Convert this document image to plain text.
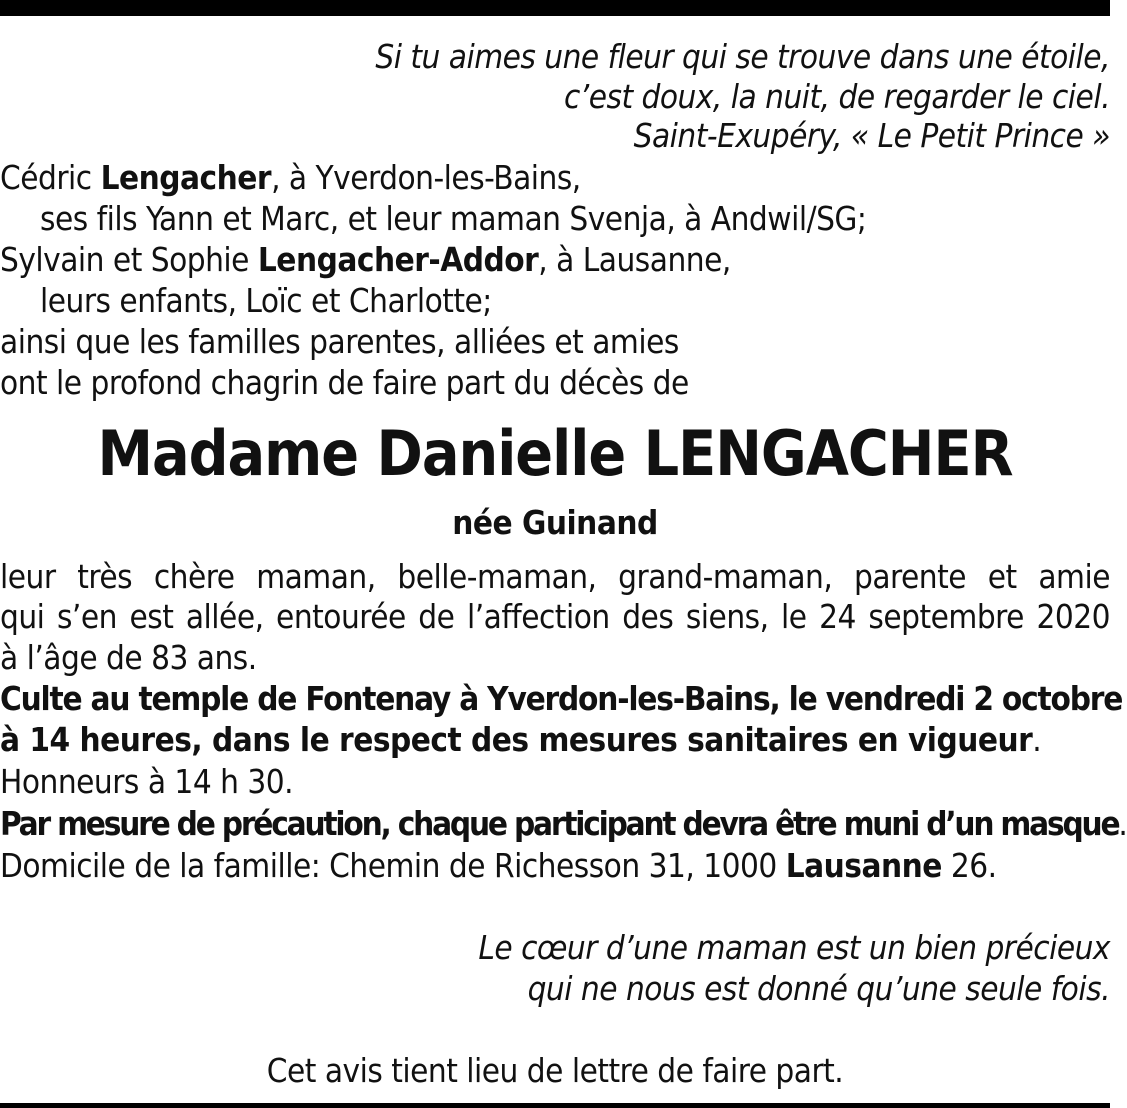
Si tu aimes une fleur qui se trouve dans une étoile,
c’est doux, la nuit, de regarder le ciel.
Saint-Exupéry, « Le Petit Prince »
Cédric Lengacher, à Yverdon-les-Bains,
ses fils Yann et Marc, et leur maman Svenja, à Andwil/SG;
Sylvain et Sophie Lengacher-Addor, à Lausanne,
leurs enfants, Loïc et Charlotte;
ainsi que les familles parentes, alliées et amies
ont le profond chagrin de faire part du décès de
Madame Danielle LENGACHER
née Guinand
leur très chère maman, belle-maman, grand-maman, parente et amie
qui s’en est allée, entourée de l’affection des siens, le 24 septembre 2020
à l’âge de 83 ans.
Culte au temple de Fontenay à Yverdon-les-Bains, le vendredi 2 octobre
à 14 heures, dans le respect des mesures sanitaires en vigueur.
Honneurs à 14 h 30.
Par mesure de précaution, chaque participant devra être muni d’un masque.
Domicile de la famille: Chemin de Richesson 31, 1000 Lausanne 26.
Le cœur d’une maman est un bien précieux
qui ne nous est donné qu’une seule fois.
Cet avis tient lieu de lettre de faire part.
